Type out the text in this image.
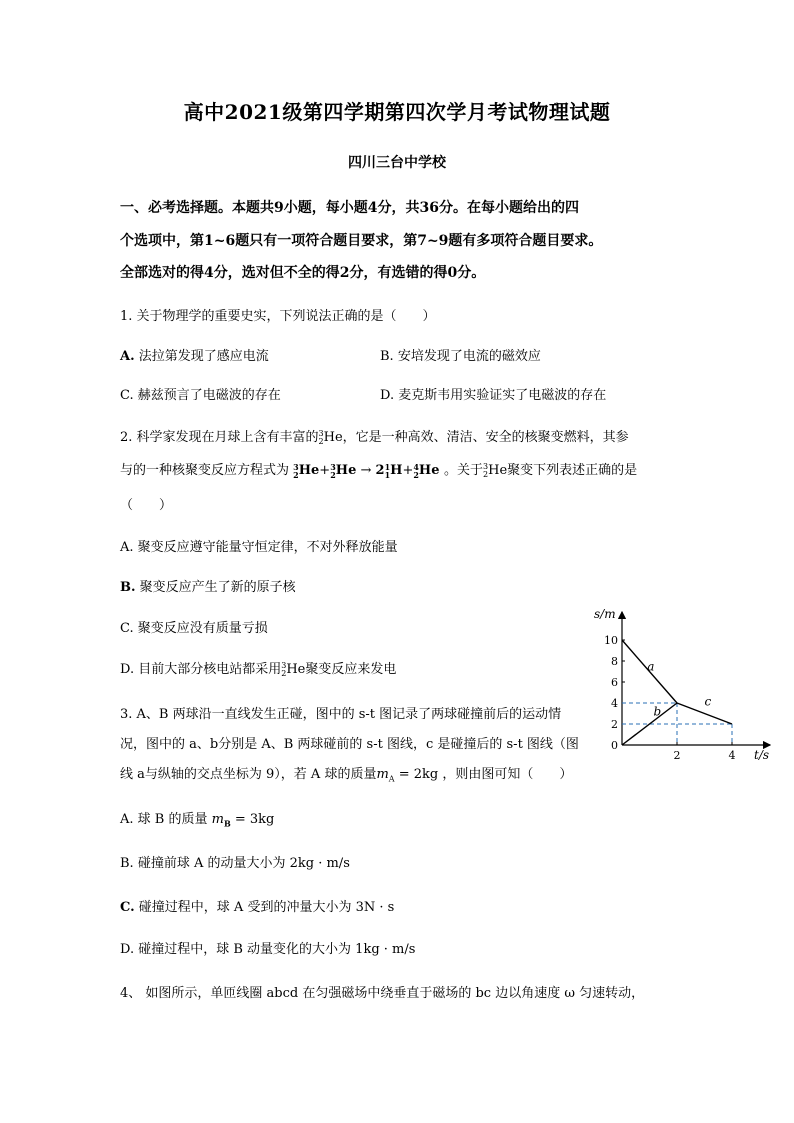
高中2021级第四学期第四次学月考试物理试题
四川三台中学校
一、必考选择题。本题共9小题，每小题4分，共36分。在每小题给出的四
个选项中，第1~6题只有一项符合题目要求，第7~9题有多项符合题目要求。
全部选对的得4分，选对但不全的得2分，有选错的得0分。
1. 关于物理学的重要史实，下列说法正确的是（　　）
A. 法拉第发现了感应电流	B. 安培发现了电流的磁效应
C. 赫兹预言了电磁波的存在	D. 麦克斯韦用实验证实了电磁波的存在
2. 科学家发现在月球上含有丰富的 3
2 He，它是一种高效、清洁、安全的核聚变燃料，其参
与的一种核聚变反应方程式为 3
2 He+ 3
2 He → 2 1
1 H+ 4
2 He 。关于 3
2 He聚变下列表述正确的是
（　　）
A. 聚变反应遵守能量守恒定律，不对外释放能量
B. 聚变反应产生了新的原子核
C. 聚变反应没有质量亏损
D. 目前大部分核电站都采用 3
2 He聚变反应来发电
3. A、B 两球沿一直线发生正碰，图中的 s-t 图记录了两球碰撞前后的运动情
况，图中的 a、b分别是 A、B 两球碰前的 s-t 图线，c 是碰撞后的 s-t 图线（图
线 a与纵轴的交点坐标为 9），若 A 球的质量$m_A = 2kg$ ，则由图可知（　　）
A. 球 B 的质量 $m_B = 3kg$
B. 碰撞前球 A 的动量大小为 2kg · m/s
C. 碰撞过程中，球 A 受到的冲量大小为 3N · s
D. 碰撞过程中，球 B 动量变化的大小为 1kg · m/s
4、 如图所示，单匝线圈 abcd 在匀强磁场中绕垂直于磁场的 bc 边以角速度 ω 匀速转动，
s/m
t/s
0
2
4
6
8
10
2	4
a
b
c
